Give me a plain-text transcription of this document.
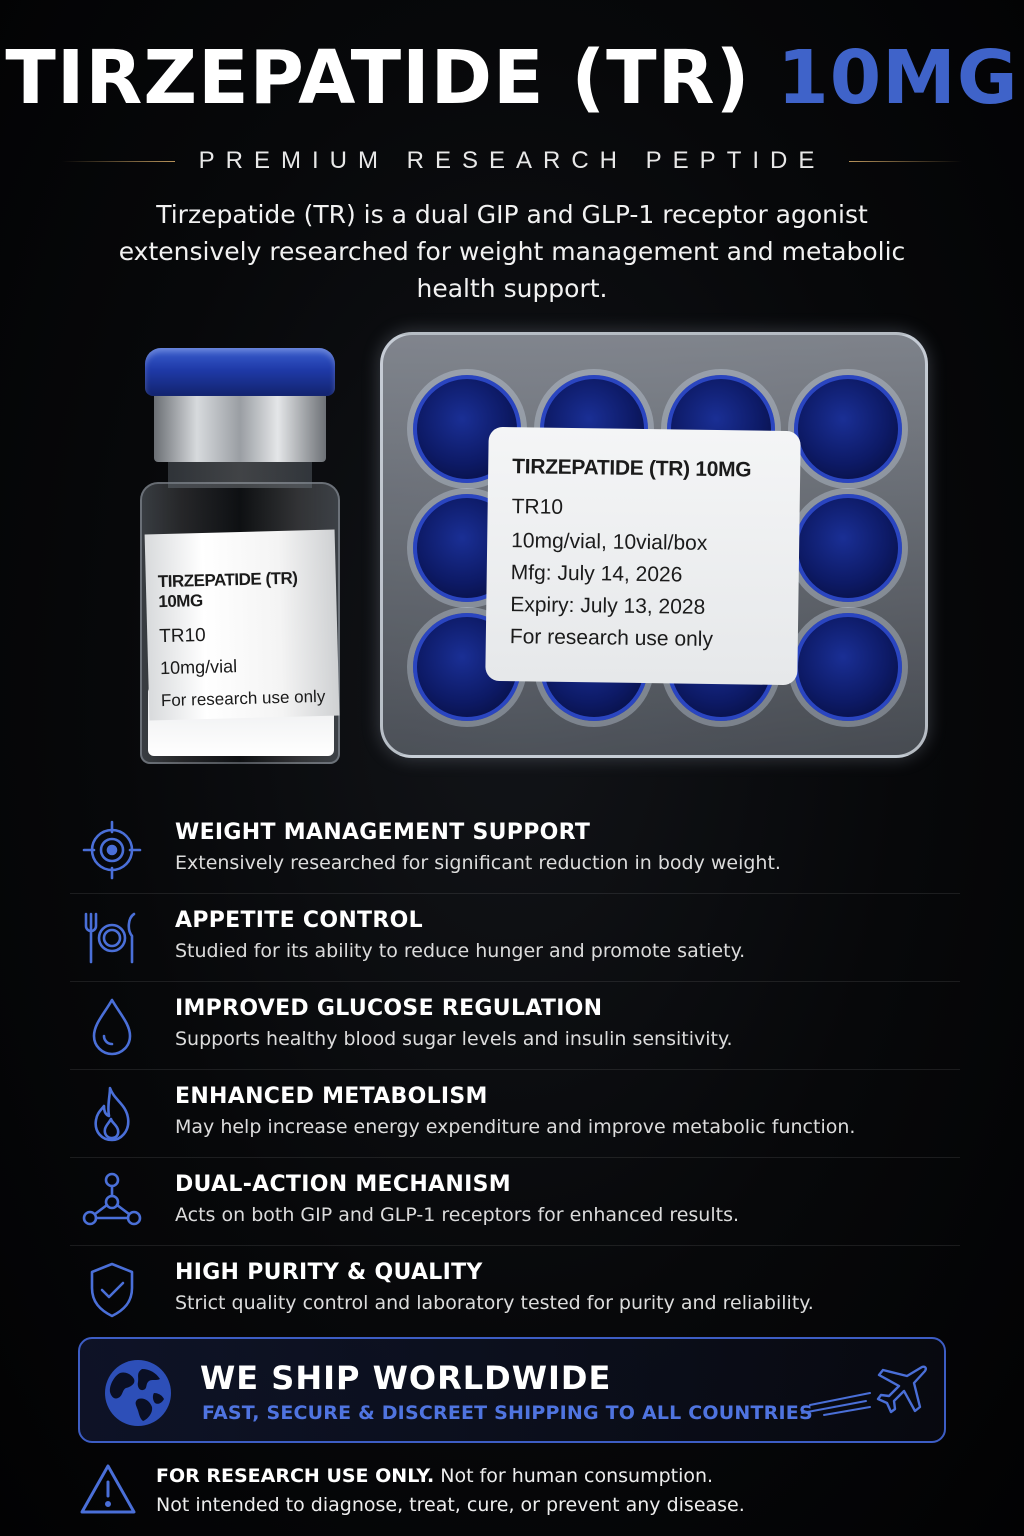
TIRZEPATIDE (TR) 10MG
PREMIUM RESEARCH PEPTIDE
Tirzepatide (TR) is a dual GIP and GLP-1 receptor agonist extensively researched for weight management and metabolic health support.
TIRZEPATIDE (TR) 10MG
TR10
10mg/vial
For research use only
TIRZEPATIDE (TR) 10MG
TR10
10mg/vial, 10vial/box
Mfg: July 14, 2026
Expiry: July 13, 2028
For research use only
WEIGHT MANAGEMENT SUPPORT
Extensively researched for significant reduction in body weight.
APPETITE CONTROL
Studied for its ability to reduce hunger and promote satiety.
IMPROVED GLUCOSE REGULATION
Supports healthy blood sugar levels and insulin sensitivity.
ENHANCED METABOLISM
May help increase energy expenditure and improve metabolic function.
DUAL-ACTION MECHANISM
Acts on both GIP and GLP-1 receptors for enhanced results.
HIGH PURITY & QUALITY
Strict quality control and laboratory tested for purity and reliability.
WE SHIP WORLDWIDE
FAST, SECURE & DISCREET SHIPPING TO ALL COUNTRIES
FOR RESEARCH USE ONLY. Not for human consumption.
Not intended to diagnose, treat, cure, or prevent any disease.
